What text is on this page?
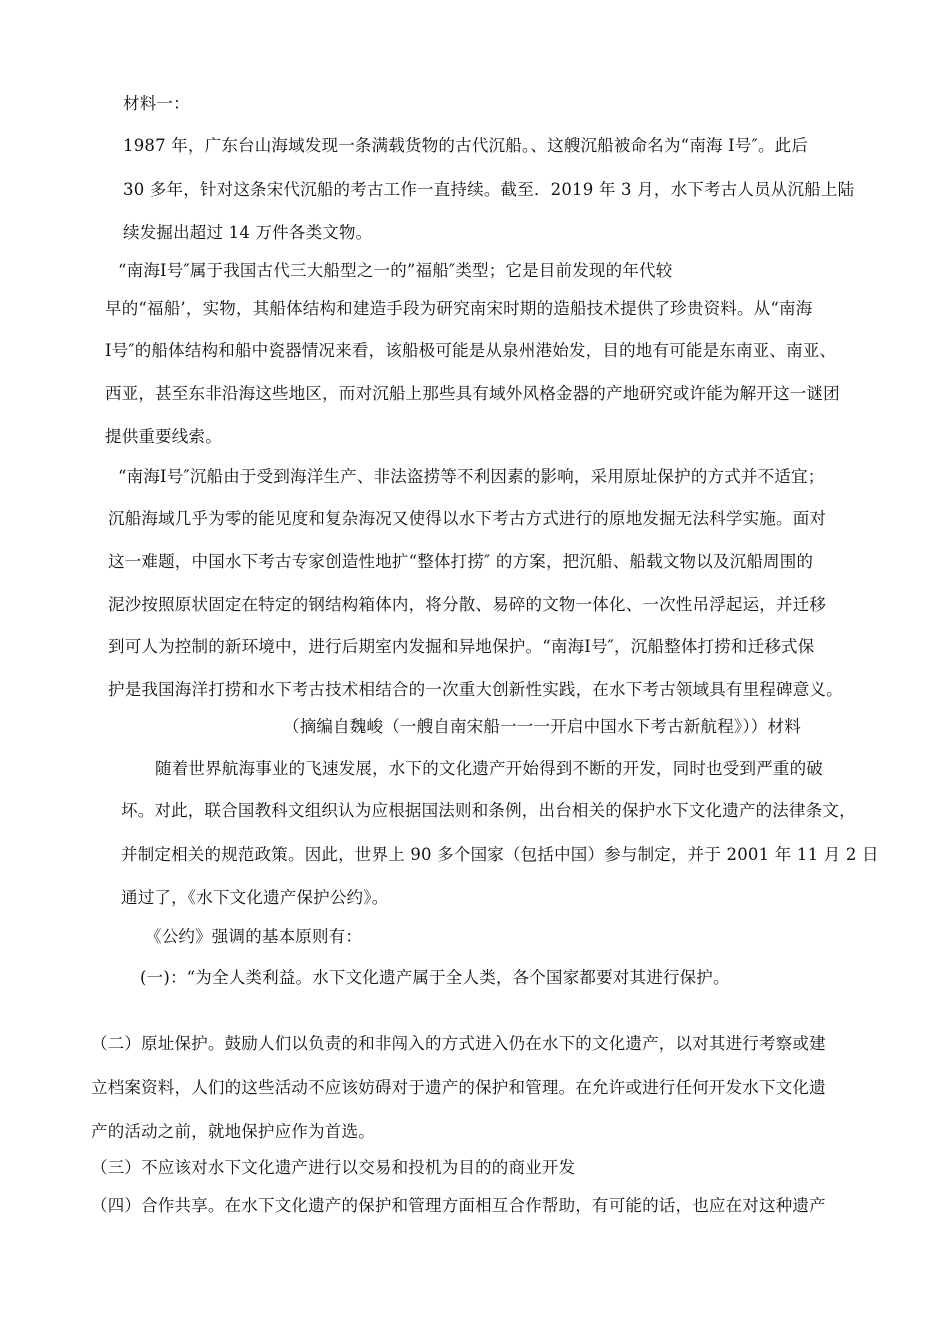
材料一：
1987 年，广东台山海域发现一条满载货物的古代沉船。、这艘沉船被命名为“南海 Ⅰ号″。此后
30 多年，针对这条宋代沉船的考古工作一直持续。截至．2019 年 3 月，水下考古人员从沉船上陆
续发掘出超过 14 万件各类文物。
“南海Ⅰ号″属于我国古代三大船型之一的”福船″类型；它是目前发现的年代较
早的“福船’，实物，其船体结构和建造手段为研究南宋时期的造船技术提供了珍贵资料。从“南海
Ⅰ号″的船体结构和船中瓷器情况来看，该船极可能是从泉州港始发，目的地有可能是东南亚、南亚、
西亚，甚至东非沿海这些地区，而对沉船上那些具有域外风格金器的产地研究或许能为解开这一谜团
提供重要线索。
“南海Ⅰ号″沉船由于受到海洋生产、非法盗捞等不利因素的影响，采用原址保护的方式并不适宜；
沉船海域几乎为零的能见度和复杂海况又使得以水下考古方式进行的原地发掘无法科学实施。面对
这一难题，中国水下考古专家创造性地扩“整体打捞″ 的方案，把沉船、船载文物以及沉船周围的
泥沙按照原状固定在特定的钢结构箱体内，将分散、易碎的文物一体化、一次性吊浮起运，并迁移
到可人为控制的新环境中，进行后期室内发掘和异地保护。“南海Ⅰ号″，沉船整体打捞和迁移式保
护是我国海洋打捞和水下考古技术相结合的一次重大创新性实践，在水下考古领域具有里程碑意义。
（摘编自魏峻（一艘自南宋船一一一开启中国水下考古新航程》））材料
随着世界航海事业的飞速发展，水下的文化遗产开始得到不断的开发，同时也受到严重的破
坏。对此，联合国教科文组织认为应根据国法则和条例，出台相关的保护水下文化遗产的法律条文，
并制定相关的规范政策。因此，世界上 90 多个国家（包括中国）参与制定，并于 2001 年 11 月 2 日
通过了，《水下文化遗产保护公约》。
《公约》强调的基本原则有：
(一)：“为全人类利益。水下文化遗产属于全人类，各个国家都要对其进行保护。
（二）原址保护。鼓励人们以负责的和非闯入的方式进入仍在水下的文化遗产，以对其进行考察或建
立档案资料，人们的这些活动不应该妨碍对于遗产的保护和管理。在允许或进行任何开发水下文化遗
产的活动之前，就地保护应作为首选。
（三）不应该对水下文化遗产进行以交易和投机为目的的商业开发
（四）合作共享。在水下文化遗产的保护和管理方面相互合作帮助，有可能的话，也应在对这种遗产
